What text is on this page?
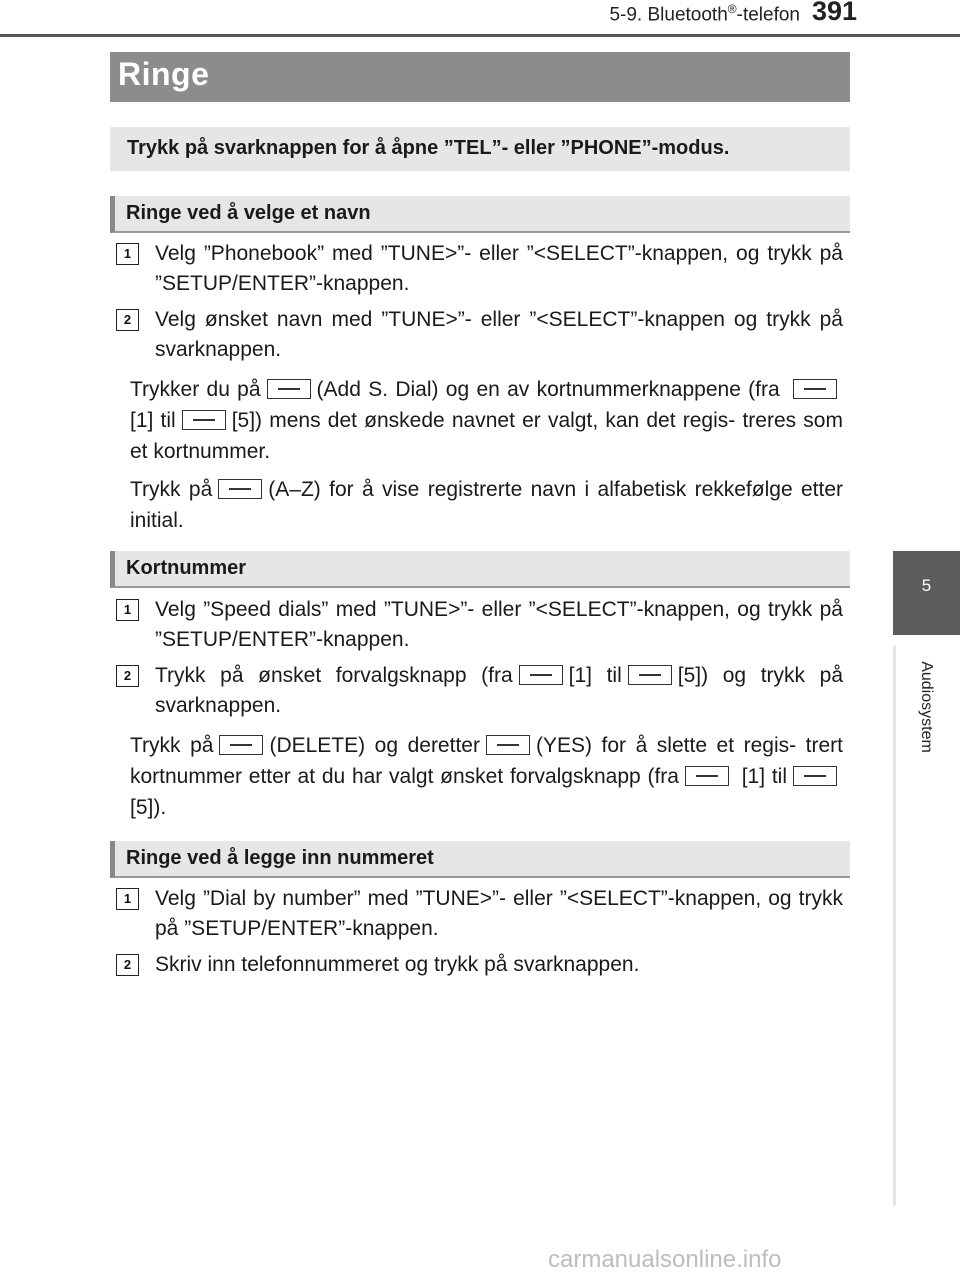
5-9. Bluetooth®-telefon 391
5
Audiosystem
Ringe
Trykk på svarknappen for å åpne ”TEL”- eller ”PHONE”-modus.
Ringe ved å velge et navn
1	Velg ”Phonebook” med ”TUNE>”- eller ”<SELECT”-knappen, og trykk på ”SETUP/ENTER”-knappen.
2	Velg ønsket navn med ”TUNE>”- eller ”<SELECT”-knappen og trykk på svarknappen.
Trykker du på	(Add S. Dial) og en av kortnummerknappene (fra [1] til	[5]) mens det ønskede navnet er valgt, kan det regis- treres som et kortnummer.
Trykk på	(A–Z) for å vise registrerte navn i alfabetisk rekkefølge etter initial.
Kortnummer
1	Velg ”Speed dials” med ”TUNE>”- eller ”<SELECT”-knappen, og trykk på ”SETUP/ENTER”-knappen.
2	Trykk på ønsket forvalgsknapp (fra	[1] til	[5]) og trykk på svarknappen.
Trykk på	(DELETE) og deretter	(YES) for å slette et regis- trert kortnummer etter at du har valgt ønsket forvalgsknapp (fra	[1] til[5]).
Ringe ved å legge inn nummeret
1	Velg ”Dial by number” med ”TUNE>”- eller ”<SELECT”-knappen, og trykk på ”SETUP/ENTER”-knappen.
2	Skriv inn telefonnummeret og trykk på svarknappen.
carmanualsonline.info
